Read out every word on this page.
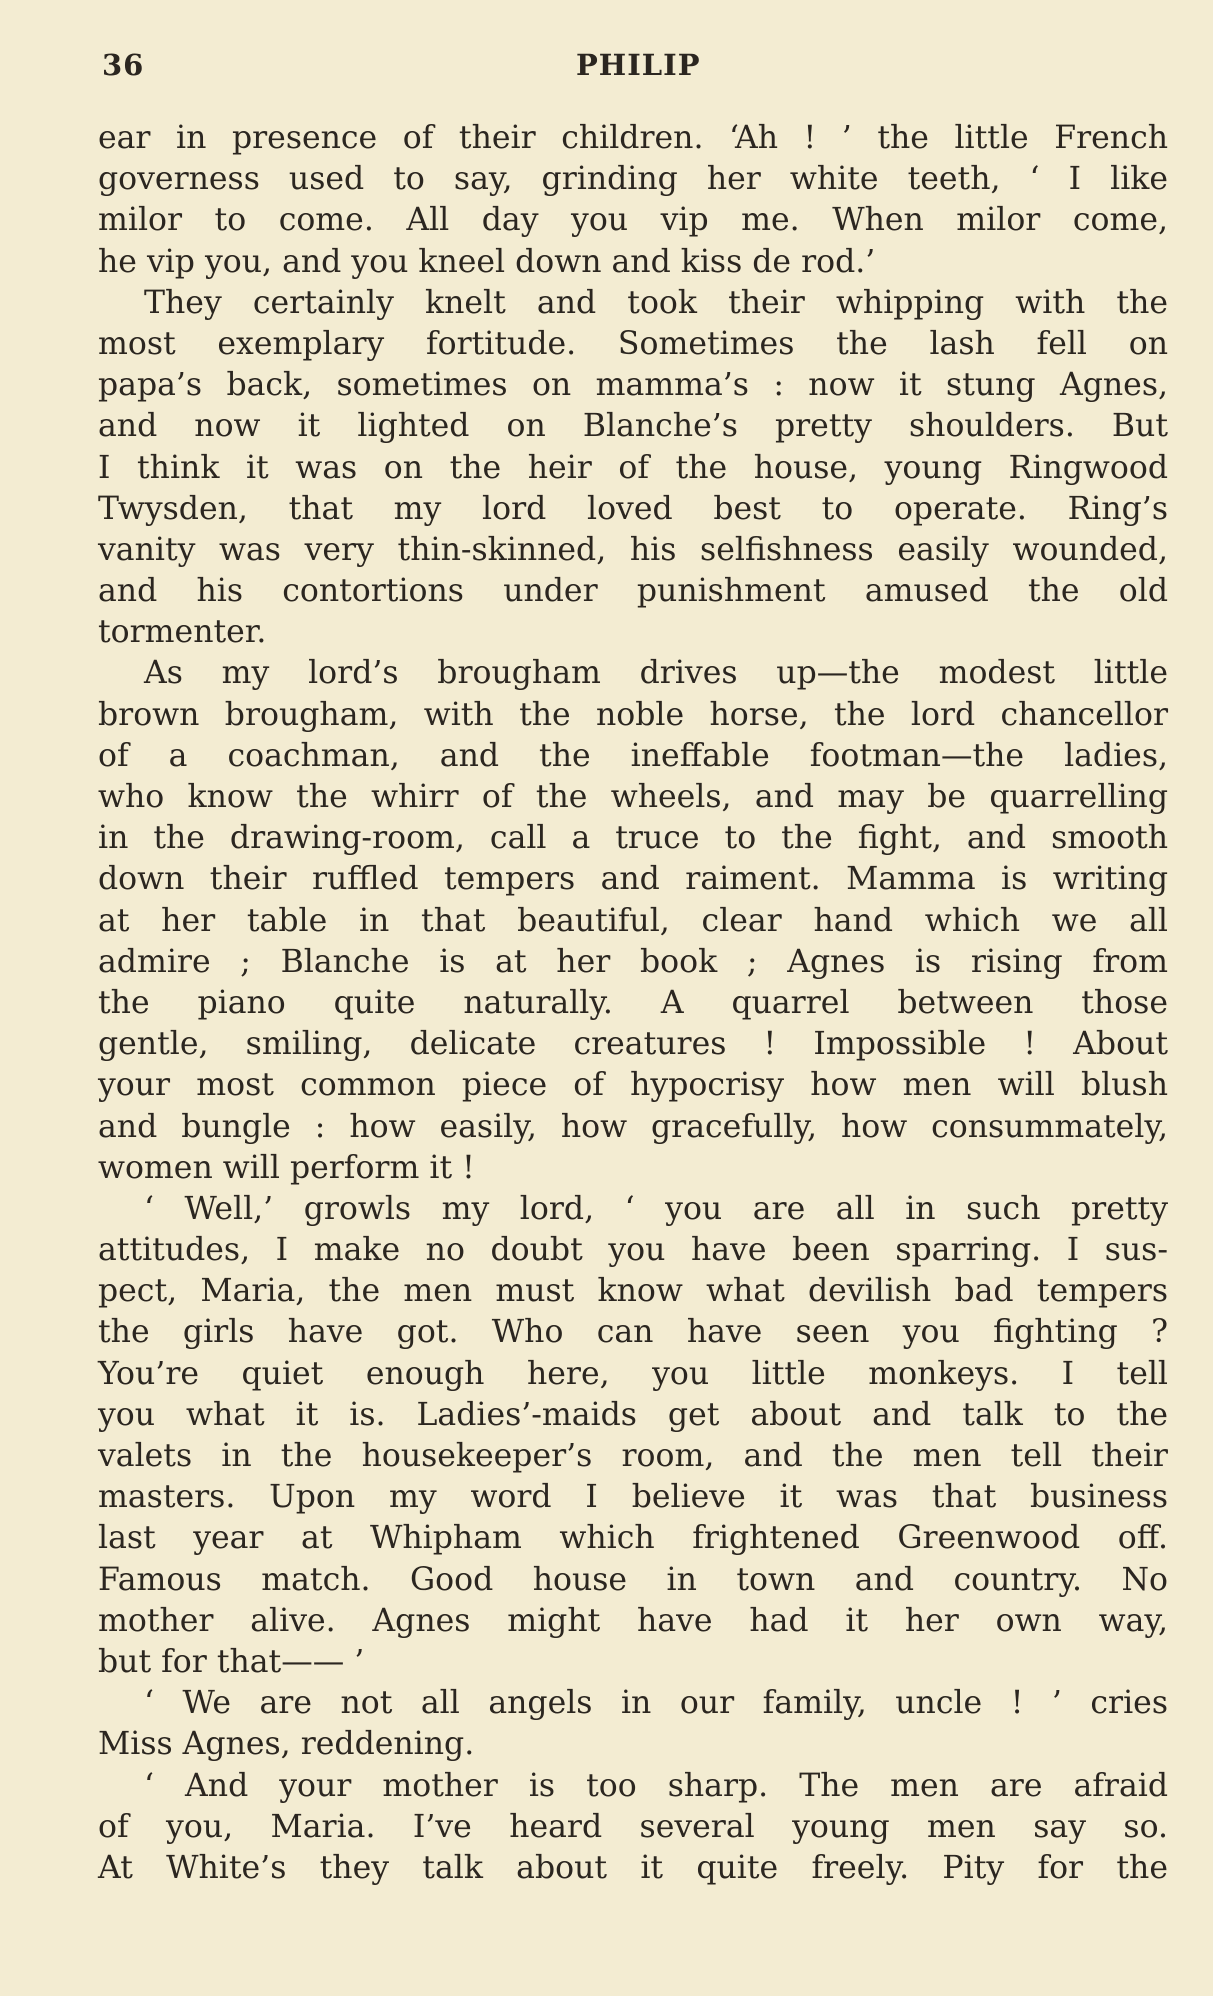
36	PHILIP
ear in presence of their children. ‘Ah ! ’ the little French
governess used to say, grinding her white teeth, ‘ I like
milor to come. All day you vip me. When milor come,
he vip you, and you kneel down and kiss de rod.’
They certainly knelt and took their whipping with the
most exemplary fortitude. Sometimes the lash fell on
papa’s back, sometimes on mamma’s : now it stung Agnes,
and now it lighted on Blanche’s pretty shoulders. But
I think it was on the heir of the house, young Ringwood
Twysden, that my lord loved best to operate. Ring’s
vanity was very thin-skinned, his selfishness easily wounded,
and his contortions under punishment amused the old
tormenter.
As my lord’s brougham drives up—the modest little
brown brougham, with the noble horse, the lord chancellor
of a coachman, and the ineffable footman—the ladies,
who know the whirr of the wheels, and may be quarrelling
in the drawing-room, call a truce to the fight, and smooth
down their ruffled tempers and raiment. Mamma is writing
at her table in that beautiful, clear hand which we all
admire ; Blanche is at her book ; Agnes is rising from
the piano quite naturally. A quarrel between those
gentle, smiling, delicate creatures ! Impossible ! About
your most common piece of hypocrisy how men will blush
and bungle : how easily, how gracefully, how consummately,
women will perform it !
‘ Well,’ growls my lord, ‘ you are all in such pretty
attitudes, I make no doubt you have been sparring. I sus-
pect, Maria, the men must know what devilish bad tempers
the girls have got. Who can have seen you fighting ?
You’re quiet enough here, you little monkeys. I tell
you what it is. Ladies’-maids get about and talk to the
valets in the housekeeper’s room, and the men tell their
masters. Upon my word I believe it was that business
last year at Whipham which frightened Greenwood off.
Famous match. Good house in town and country. No
mother alive. Agnes might have had it her own way,
but for that—— ’
‘ We are not all angels in our family, uncle ! ’ cries
Miss Agnes, reddening.
‘ And your mother is too sharp. The men are afraid
of you, Maria. I’ve heard several young men say so.
At White’s they talk about it quite freely. Pity for the
